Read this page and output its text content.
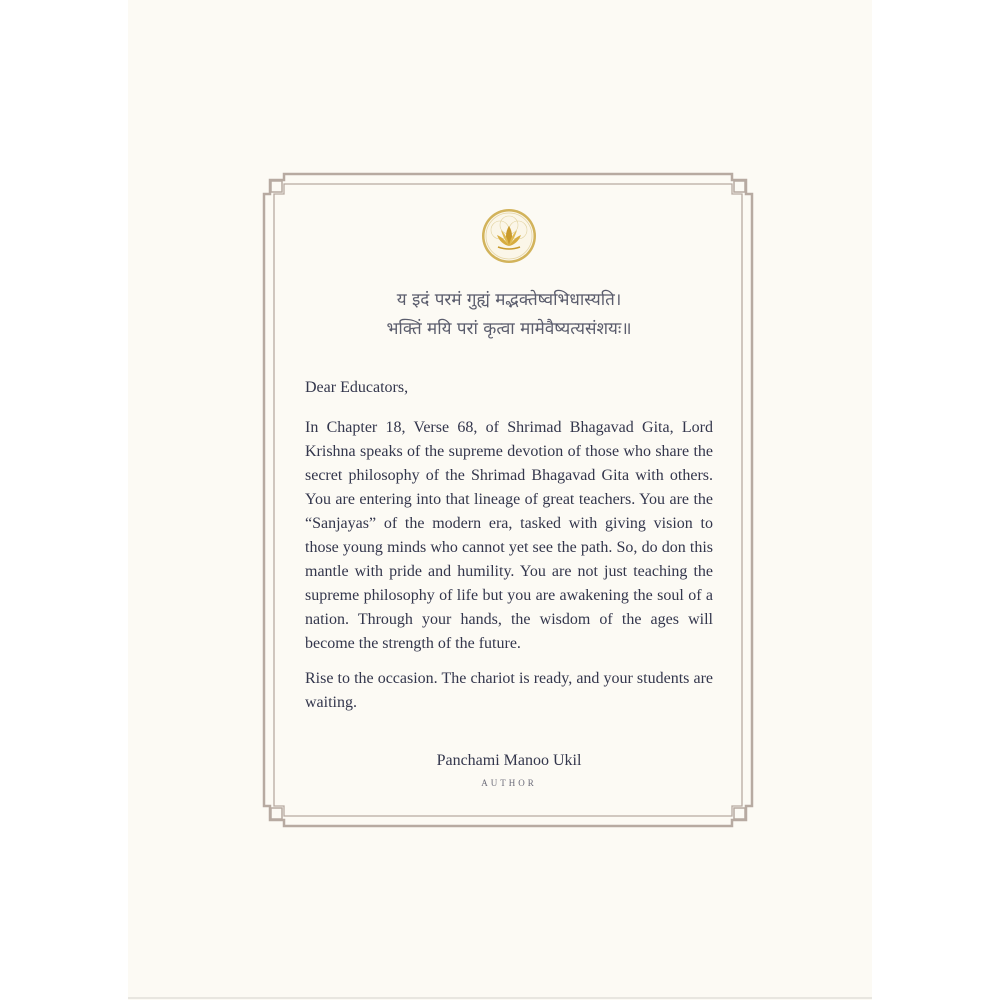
य इदं परमं गुह्यं मद्भक्तेष्वभिधास्यति।
भक्तिं मयि परां कृत्वा मामेवैष्यत्यसंशयः॥
Dear Educators,

In Chapter 18, Verse 68, of Shrimad Bhagavad Gita, Lord Krishna speaks of the supreme devotion of those who share the secret philosophy of the Shrimad Bhagavad Gita with others. You are entering into that lineage of great teachers. You are the “Sanjayas” of the modern era, tasked with giving vision to those young minds who cannot yet see the path. So, do don this mantle with pride and humility. You are not just teaching the supreme philosophy of life but you are awakening the soul of a nation. Through your hands, the wisdom of the ages will become the strength of the future.

Rise to the occasion. The chariot is ready, and your students are waiting.

Panchami Manoo Ukil
AUTHOR
